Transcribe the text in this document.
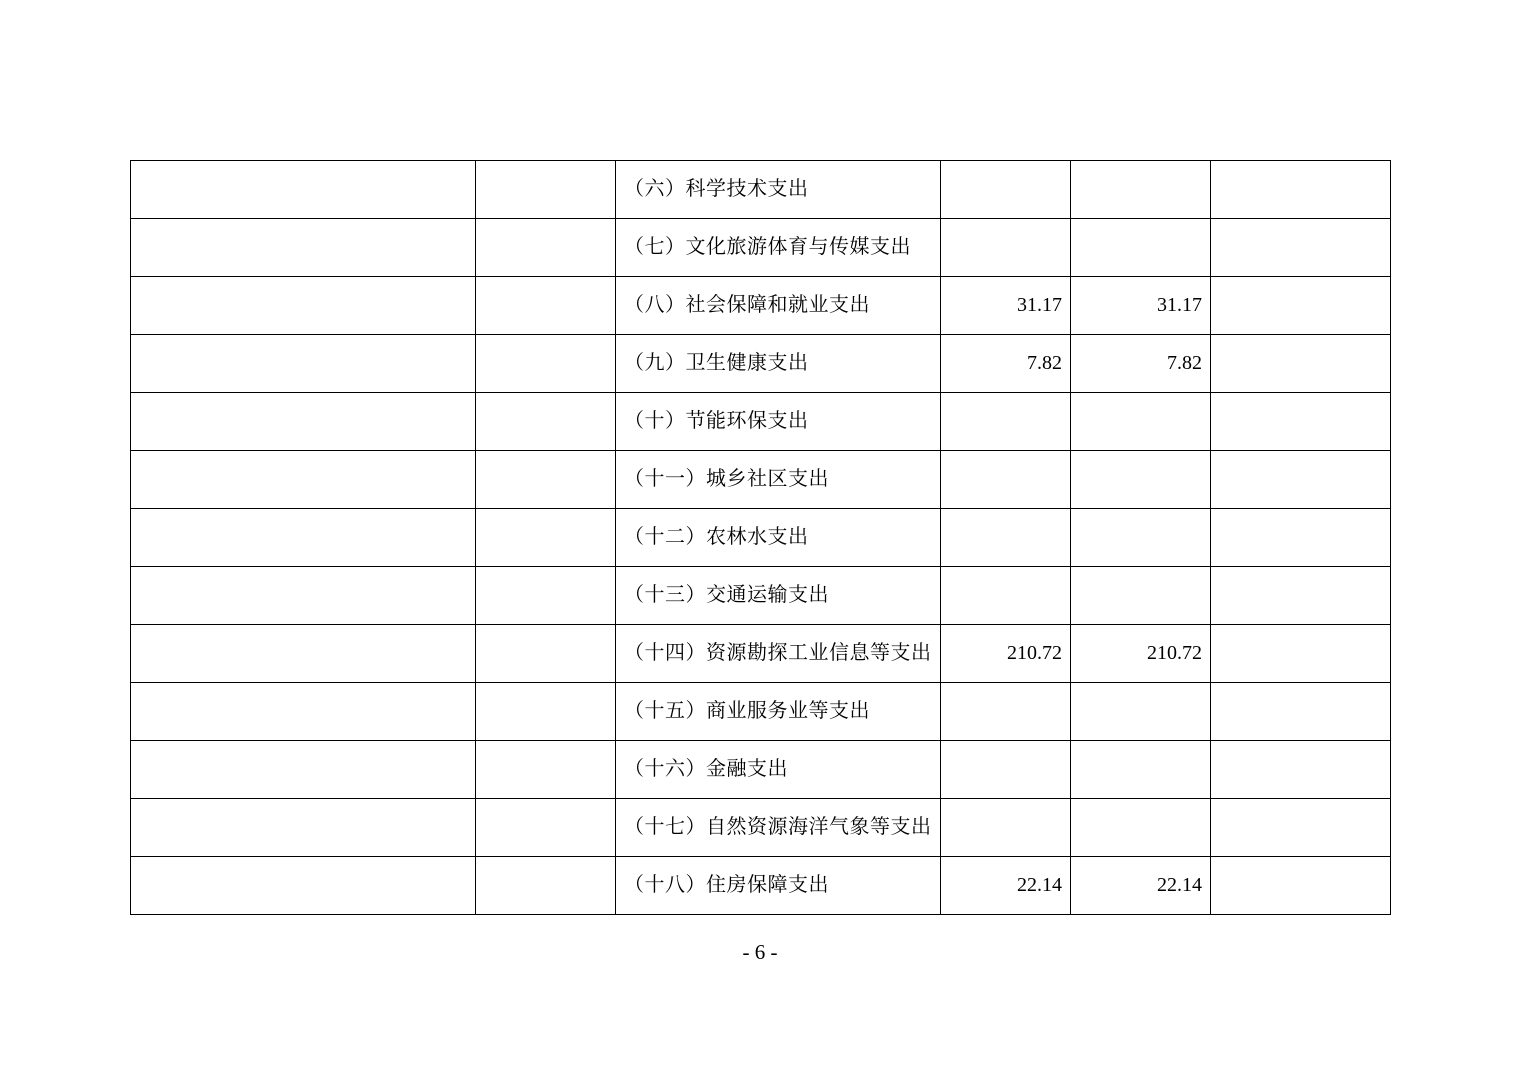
		（六）科学技术支出			
		（七）文化旅游体育与传媒支出			
		（八）社会保障和就业支出	31.17	31.17	
		（九）卫生健康支出	7.82	7.82	
		（十）节能环保支出			
		（十一）城乡社区支出			
		（十二）农林水支出			
		（十三）交通运输支出			
		（十四）资源勘探工业信息等支出	210.72	210.72	
		（十五）商业服务业等支出			
		（十六）金融支出			
		（十七）自然资源海洋气象等支出			
		（十八）住房保障支出	22.14	22.14	
- 6 -
